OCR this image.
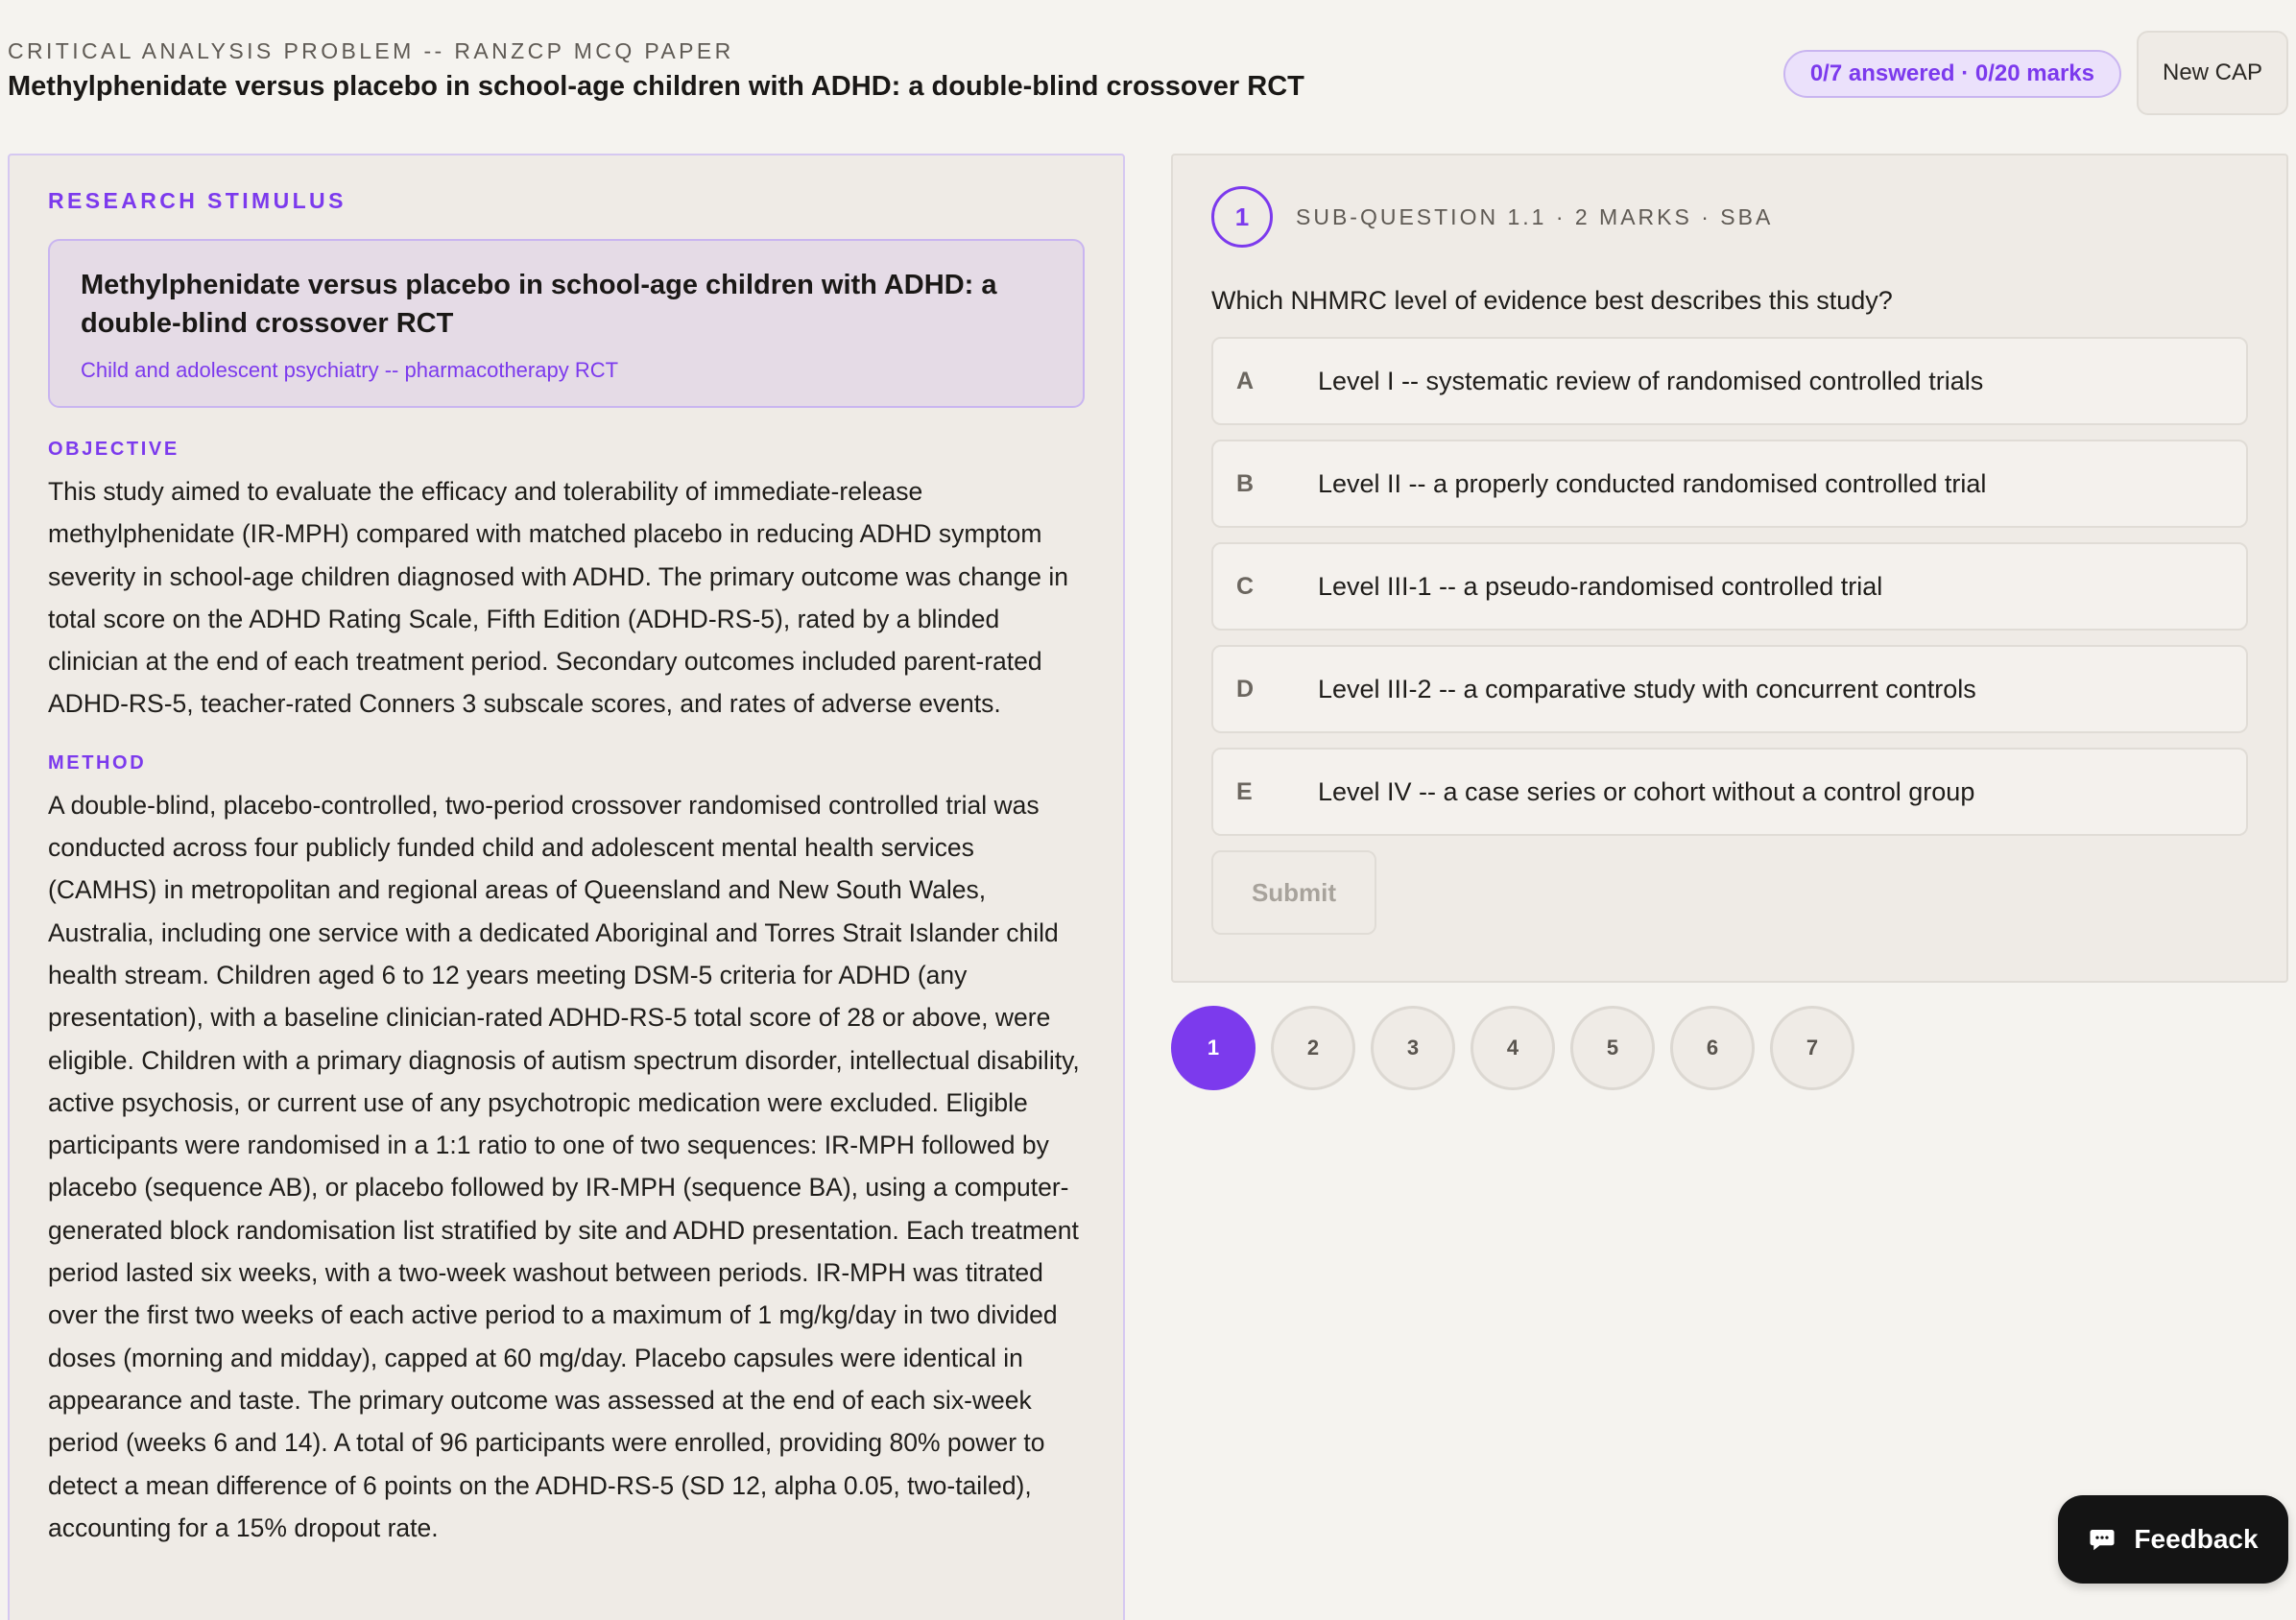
CRITICAL ANALYSIS PROBLEM -- RANZCP MCQ PAPER
Methylphenidate versus placebo in school-age children with ADHD: a double-blind crossover RCT	0/7 answered · 0/20 marks	New CAP
RESEARCH STIMULUS
Methylphenidate versus placebo in school-age children with ADHD: a double-blind crossover RCT
Child and adolescent psychiatry -- pharmacotherapy RCT
OBJECTIVE
This study aimed to evaluate the efficacy and tolerability of immediate-release methylphenidate (IR-MPH) compared with matched placebo in reducing ADHD symptom severity in school-age children diagnosed with ADHD. The primary outcome was change in total score on the ADHD Rating Scale, Fifth Edition (ADHD-RS-5), rated by a blinded clinician at the end of each treatment period. Secondary outcomes included parent-rated ADHD-RS-5, teacher-rated Conners 3 subscale scores, and rates of adverse events.
METHOD
A double-blind, placebo-controlled, two-period crossover randomised controlled trial was conducted across four publicly funded child and adolescent mental health services (CAMHS) in metropolitan and regional areas of Queensland and New South Wales, Australia, including one service with a dedicated Aboriginal and Torres Strait Islander child health stream. Children aged 6 to 12 years meeting DSM-5 criteria for ADHD (any presentation), with a baseline clinician-rated ADHD-RS-5 total score of 28 or above, were eligible. Children with a primary diagnosis of autism spectrum disorder, intellectual disability, active psychosis, or current use of any psychotropic medication were excluded. Eligible participants were randomised in a 1:1 ratio to one of two sequences: IR-MPH followed by placebo (sequence AB), or placebo followed by IR-MPH (sequence BA), using a computer-generated block randomisation list stratified by site and ADHD presentation. Each treatment period lasted six weeks, with a two-week washout between periods. IR-MPH was titrated over the first two weeks of each active period to a maximum of 1 mg/kg/day in two divided doses (morning and midday), capped at 60 mg/day. Placebo capsules were identical in appearance and taste. The primary outcome was assessed at the end of each six-week period (weeks 6 and 14). A total of 96 participants were enrolled, providing 80% power to detect a mean difference of 6 points on the ADHD-RS-5 (SD 12, alpha 0.05, two-tailed), accounting for a 15% dropout rate.
1	SUB-QUESTION 1.1 · 2 MARKS · SBA
Which NHMRC level of evidence best describes this study?
A	Level I -- systematic review of randomised controlled trials
B	Level II -- a properly conducted randomised controlled trial
C	Level III-1 -- a pseudo-randomised controlled trial
D	Level III-2 -- a comparative study with concurrent controls
E	Level IV -- a case series or cohort without a control group
Submit
1	2	3	4	5	6	7
Feedback
